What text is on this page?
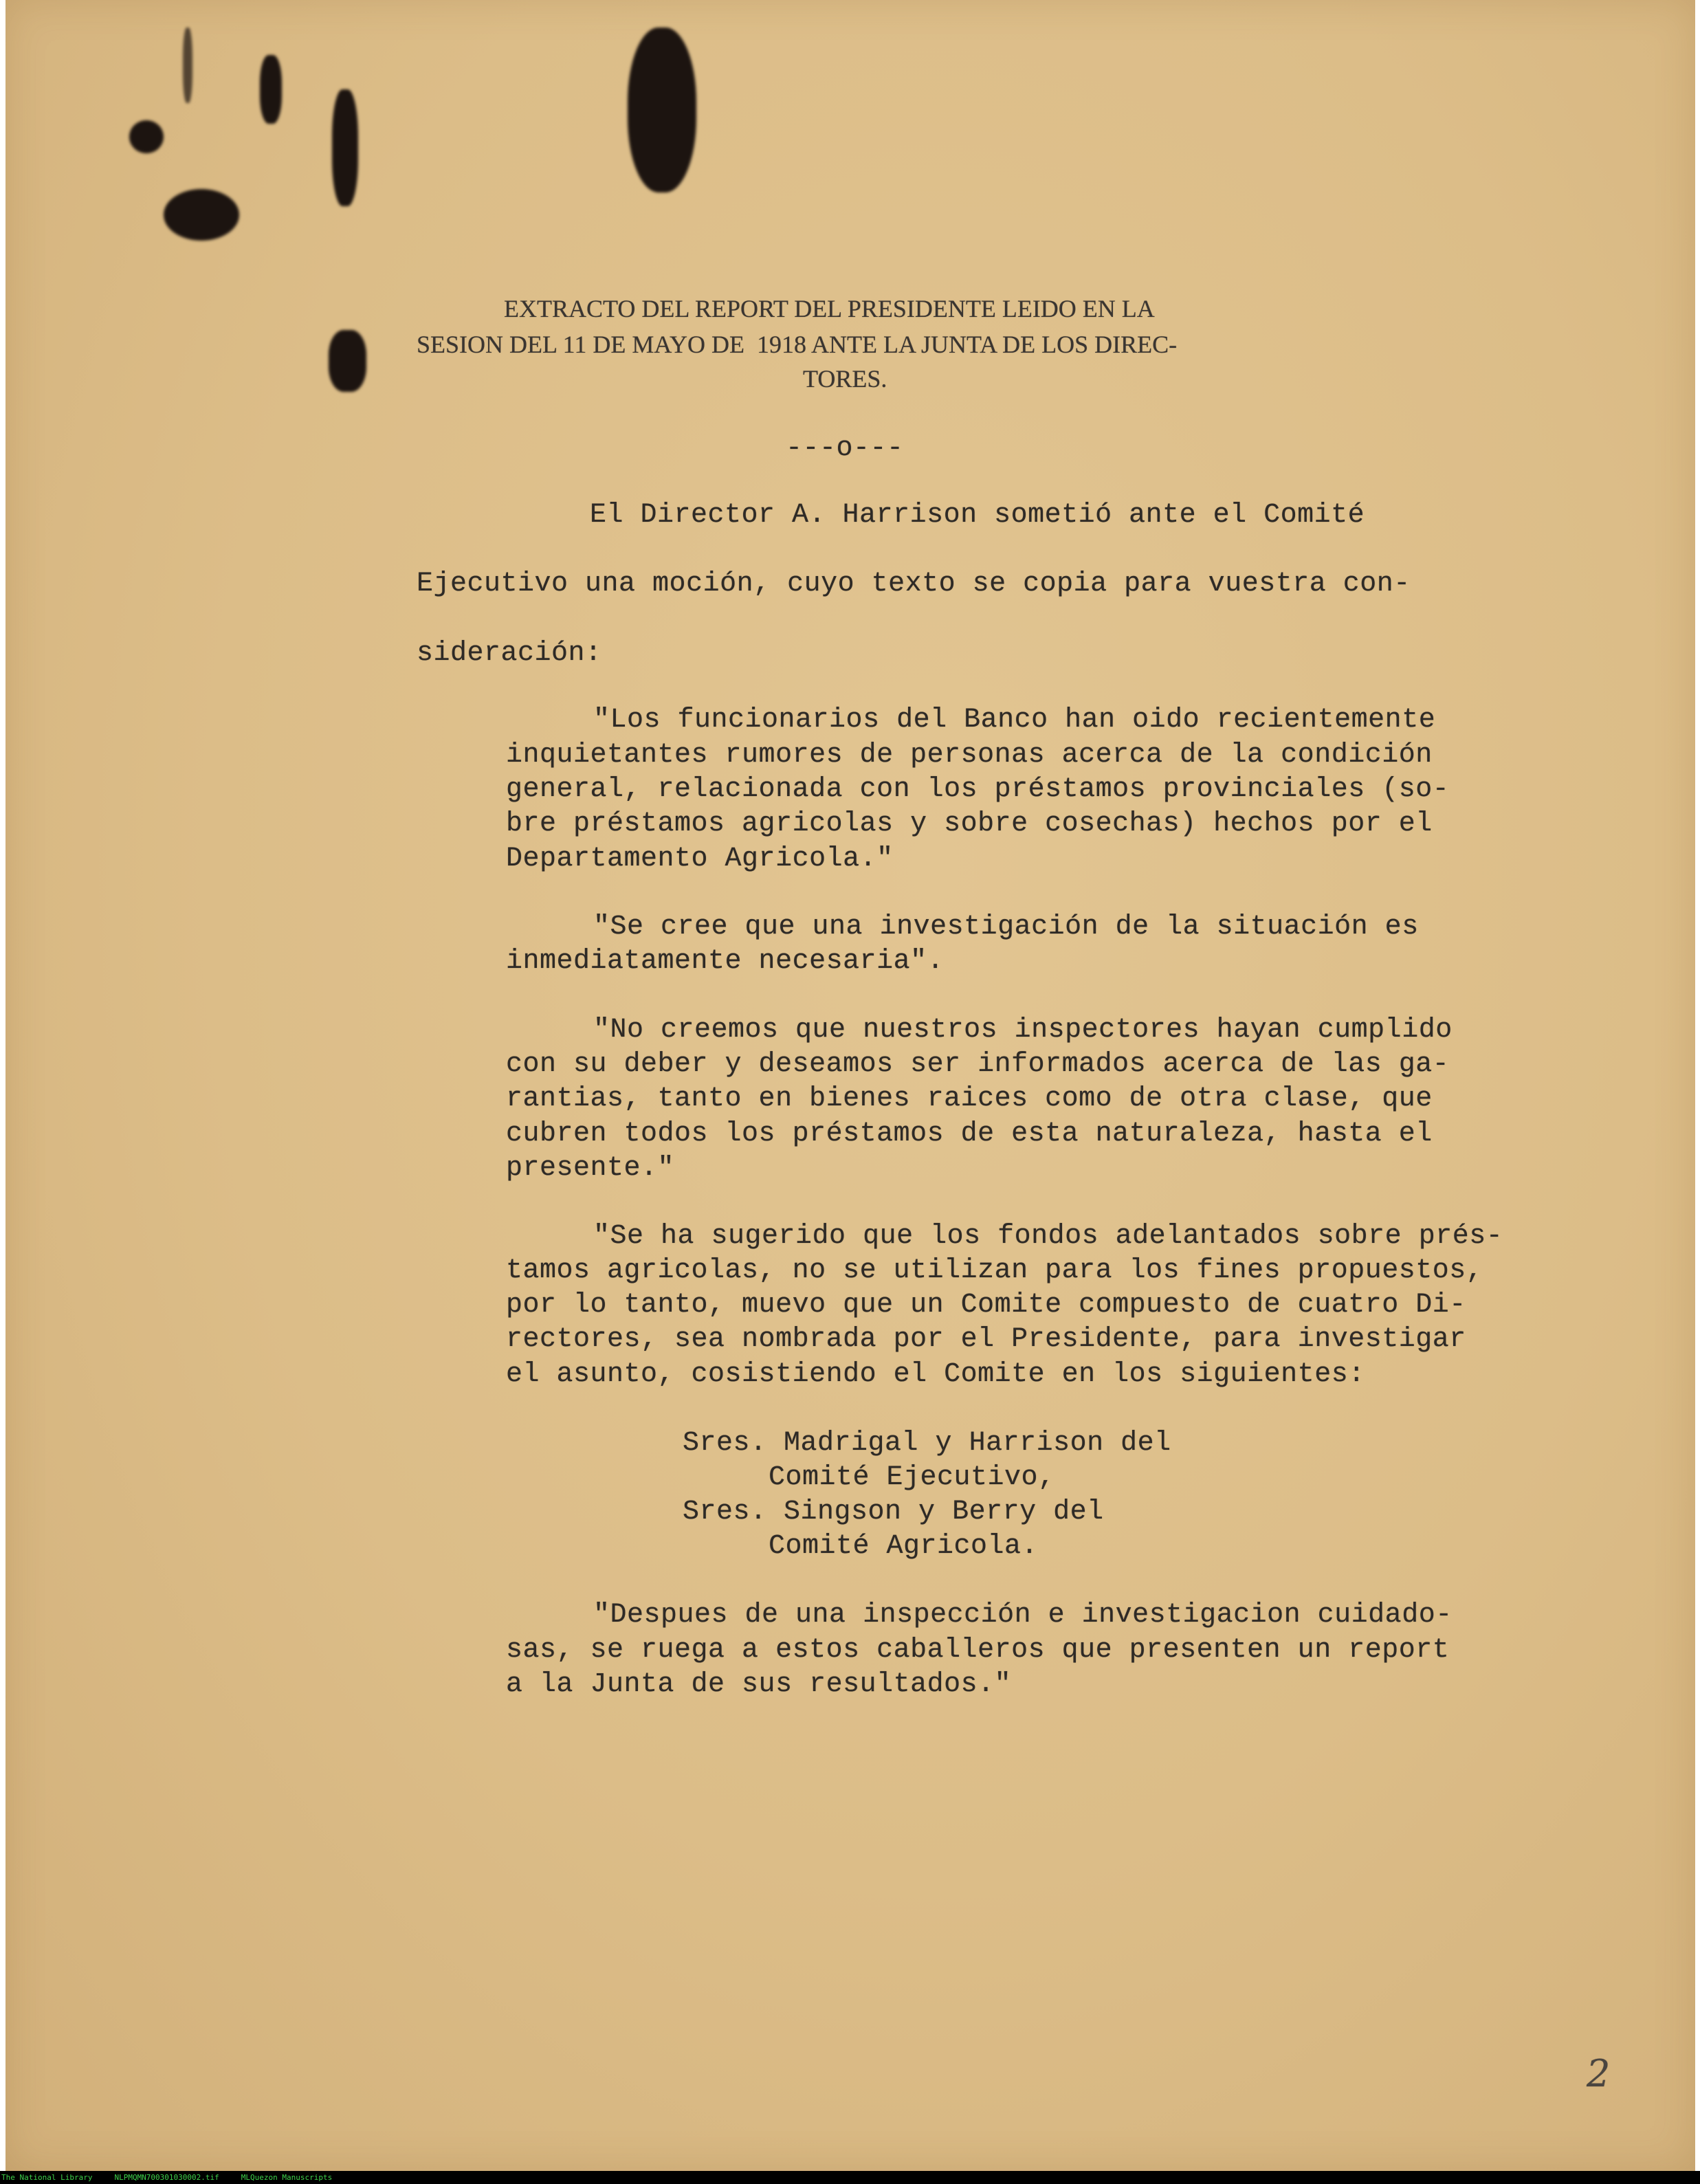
EXTRACTO DEL REPORT DEL PRESIDENTE LEIDO EN LA
SESION DEL 11 DE MAYO DE  1918 ANTE LA JUNTA DE LOS DIREC-
TORES.
---o---
El Director A. Harrison sometió ante el Comité
Ejecutivo una moción, cuyo texto se copia para vuestra con-
sideración:
"Los funcionarios del Banco han oido recientemente
inquietantes rumores de personas acerca de la condición
general, relacionada con los préstamos provinciales (so-
bre préstamos agricolas y sobre cosechas) hechos por el
Departamento Agricola."
"Se cree que una investigación de la situación es
inmediatamente necesaria".
"No creemos que nuestros inspectores hayan cumplido
con su deber y deseamos ser informados acerca de las ga-
rantias, tanto en bienes raices como de otra clase, que
cubren todos los préstamos de esta naturaleza, hasta el
presente."
"Se ha sugerido que los fondos adelantados sobre prés-
tamos agricolas, no se utilizan para los fines propuestos,
por lo tanto, muevo que un Comite compuesto de cuatro Di-
rectores, sea nombrada por el Presidente, para investigar
el asunto, cosistiendo el Comite en los siguientes:
Sres. Madrigal y Harrison del
Comité Ejecutivo,
Sres. Singson y Berry del
Comité Agricola.
"Despues de una inspección e investigacion cuidado-
sas, se ruega a estos caballeros que presenten un report
a la Junta de sus resultados."
2
The National Library	NLPMQMN700301030002.tif	MLQuezon Manuscripts
